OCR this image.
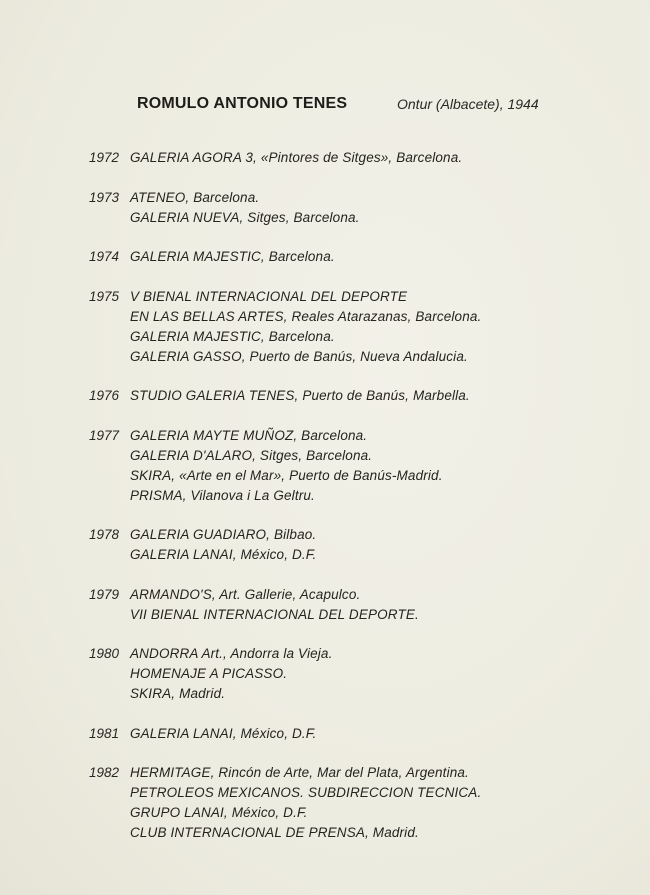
ROMULO ANTONIO TENES	Ontur (Albacete), 1944
1972 GALERIA AGORA 3, «Pintores de Sitges», Barcelona.
1973 ATENEO, Barcelona.
GALERIA NUEVA, Sitges, Barcelona.
1974 GALERIA MAJESTIC, Barcelona.
1975 V BIENAL INTERNACIONAL DEL DEPORTE
EN LAS BELLAS ARTES, Reales Atarazanas, Barcelona.
GALERIA MAJESTIC, Barcelona.
GALERIA GASSO, Puerto de Banús, Nueva Andalucia.
1976 STUDIO GALERIA TENES, Puerto de Banús, Marbella.
1977 GALERIA MAYTE MUÑOZ, Barcelona.
GALERIA D'ALARO, Sitges, Barcelona.
SKIRA, «Arte en el Mar», Puerto de Banús-Madrid.
PRISMA, Vilanova i La Geltru.
1978 GALERIA GUADIARO, Bilbao.
GALERIA LANAI, México, D.F.
1979 ARMANDO'S, Art. Gallerie, Acapulco.
VII BIENAL INTERNACIONAL DEL DEPORTE.
1980 ANDORRA Art., Andorra la Vieja.
HOMENAJE A PICASSO.
SKIRA, Madrid.
1981 GALERIA LANAI, México, D.F.
1982 HERMITAGE, Rincón de Arte, Mar del Plata, Argentina.
PETROLEOS MEXICANOS. SUBDIRECCION TECNICA.
GRUPO LANAI, México, D.F.
CLUB INTERNACIONAL DE PRENSA, Madrid.
